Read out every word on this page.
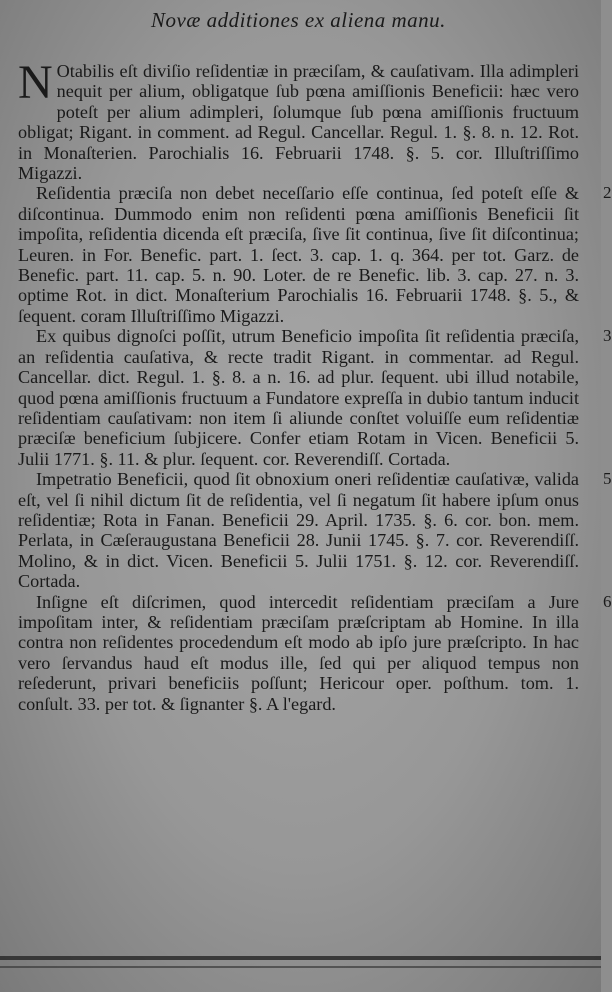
Novæ additiones ex aliena manu.

N Otabilis eſt diviſio reſidentiæ in præciſam, & cauſativam. Illa adimpleri nequit per alium, obligatque ſub pœna amiſſionis Beneficii: hæc vero poteſt per alium adimpleri, ſolumque ſub pœna amiſſionis fructuum obligat; Rigant. in comment. ad Regul. Cancellar. Regul. 1. §. 8. n. 12. Rot. in Monaſterien. Parochialis 16. Februarii 1748. §. 5. cor. Illuſtriſſimo Migazzi.

2
Reſidentia præciſa non debet neceſſario eſſe continua, ſed poteſt eſſe & diſcontinua. Dummodo enim non reſidenti pœna amiſſionis Beneficii ſit impoſita, reſidentia dicenda eſt præciſa, ſive ſit continua, ſive ſit diſcontinua; Leuren. in For. Benefic. part. 1. ſect. 3. cap. 1. q. 364. per tot. Garz. de Benefic. part. 11. cap. 5. n. 90. Loter. de re Benefic. lib. 3. cap. 27. n. 3. optime Rot. in dict. Monaſterium Parochialis 16. Februarii 1748. §. 5., & ſequent. coram Illuſtriſſimo Migazzi.

3
Ex quibus dignoſci poſſit, utrum Beneficio impoſita ſit reſidentia præciſa, an reſidentia cauſativa, & recte tradit Rigant. in commentar. ad Regul. Cancellar. dict. Regul. 1. §. 8. a n. 16. ad plur. ſequent. ubi illud notabile, quod pœna amiſſionis fructuum a Fundatore expreſſa in dubio tantum inducit reſidentiam cauſativam: non item ſi aliunde conſtet voluiſſe eum reſidentiæ præciſæ beneficium ſubjicere. Confer etiam Rotam in Vicen. Beneficii 5. Julii 1771. §. 11. & plur. ſequent. cor. Reverendiſſ. Cortada.

5
Impetratio Beneficii, quod ſit obnoxium oneri reſidentiæ cauſativæ, valida eſt, vel ſi nihil dictum ſit de reſidentia, vel ſi negatum ſit habere ipſum onus reſidentiæ; Rota in Fanan. Beneficii 29. April. 1735. §. 6. cor. bon. mem. Perlata, in Cæſeraugustana Beneficii 28. Junii 1745. §. 7. cor. Reverendiſſ. Molino, & in dict. Vicen. Beneficii 5. Julii 1751. §. 12. cor. Reverendiſſ. Cortada.

6
Inſigne eſt diſcrimen, quod intercedit reſidentiam præciſam a Jure impoſitam inter, & reſidentiam præciſam præſcriptam ab Homine. In illa contra non reſidentes procedendum eſt modo ab ipſo jure præſcripto. In hac vero ſervandus haud eſt modus ille, ſed qui per aliquod tempus non reſederunt, privari beneficiis poſſunt; Hericour oper. poſthum. tom. 1. conſult. 33. per tot. & ſignanter §. A l'egard.
